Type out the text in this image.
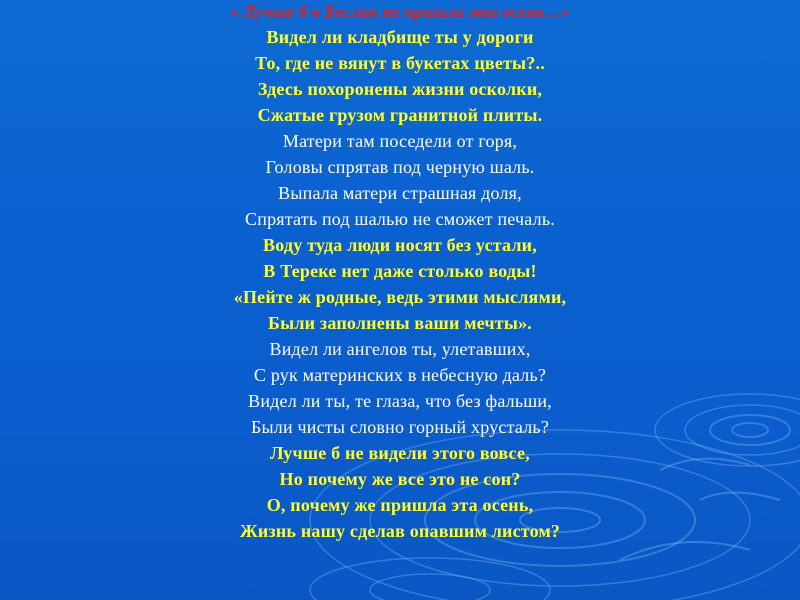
« Лучше б в Беслан не пришла эта осень…»
Видел ли кладбище ты у дороги
То, где не вянут в букетах цветы?..
Здесь похоронены жизни осколки,
Сжатые грузом гранитной плиты.
Матери там поседели от горя,
Головы спрятав под черную шаль.
Выпала матери страшная доля,
Спрятать под шалью не сможет печаль.
Воду туда люди носят без устали,
В Тереке нет даже столько воды!
«Пейте ж родные, ведь этими мыслями,
Были заполнены ваши мечты».
Видел ли ангелов ты, улетавших,
С рук материнских в небесную даль?
Видел ли ты, те глаза, что без фальши,
Были чисты словно горный хрусталь?
Лучше б не видели этого вовсе,
Но почему же все это не сон?
О, почему же пришла эта осень,
Жизнь нашу сделав опавшим листом?
